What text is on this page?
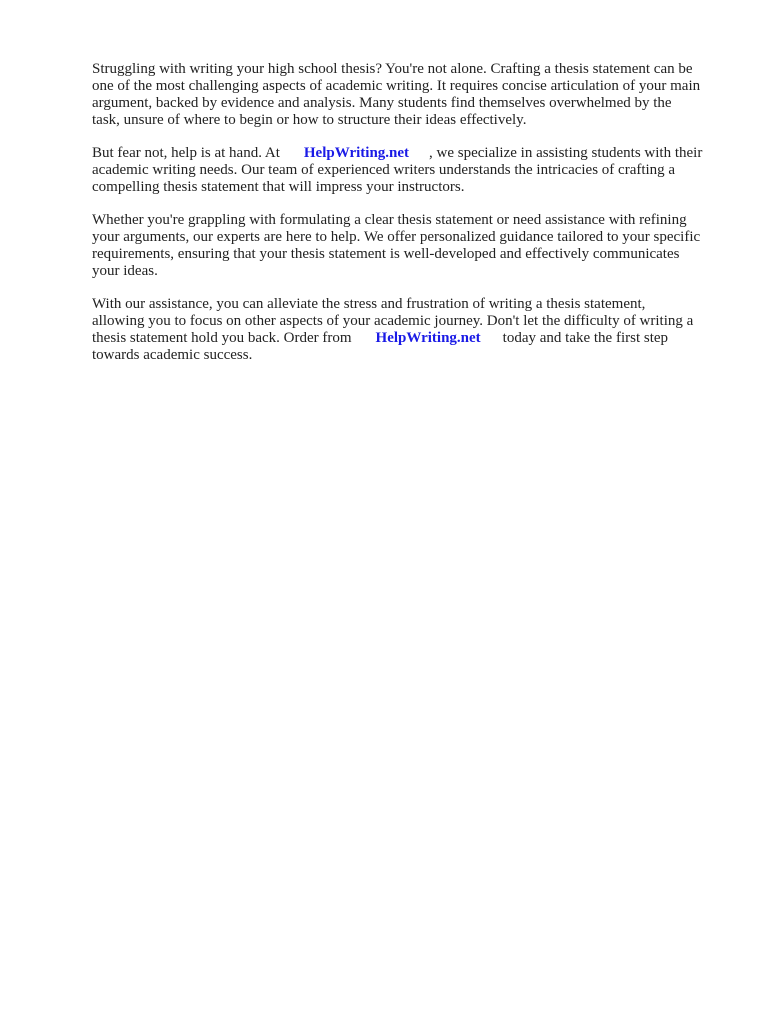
Struggling with writing your high school thesis? You're not alone. Crafting a thesis statement can be
one of the most challenging aspects of academic writing. It requires concise articulation of your main
argument, backed by evidence and analysis. Many students find themselves overwhelmed by the
task, unsure of where to begin or how to structure their ideas effectively.

But fear not, help is at hand. At HelpWriting.net , we specialize in assisting students with their
academic writing needs. Our team of experienced writers understands the intricacies of crafting a
compelling thesis statement that will impress your instructors.

Whether you're grappling with formulating a clear thesis statement or need assistance with refining
your arguments, our experts are here to help. We offer personalized guidance tailored to your specific
requirements, ensuring that your thesis statement is well-developed and effectively communicates
your ideas.

With our assistance, you can alleviate the stress and frustration of writing a thesis statement,
allowing you to focus on other aspects of your academic journey. Don't let the difficulty of writing a
thesis statement hold you back. Order from HelpWriting.net today and take the first step
towards academic success.
